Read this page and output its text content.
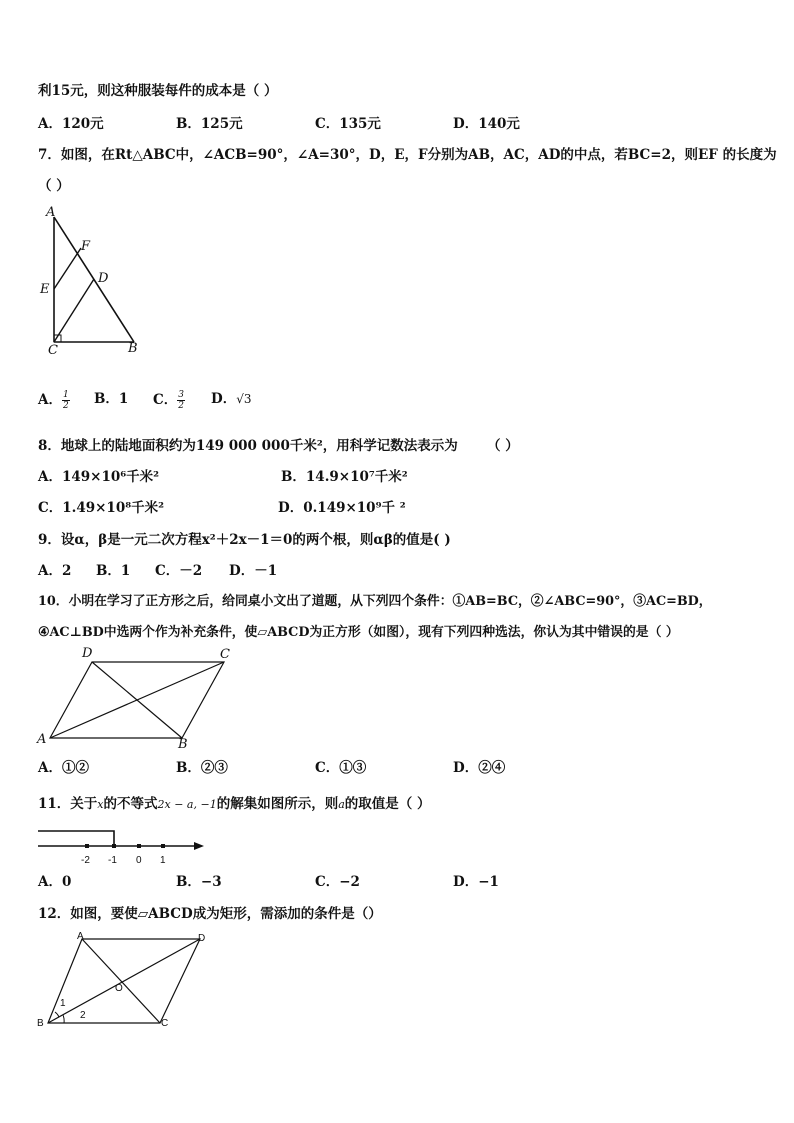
利15元，则这种服装每件的成本是（ ）
A．120元	B．125元	C．135元	D．140元
7．如图，在Rt△ABC中，∠ACB=90°，∠A=30°，D，E，F分别为AB，AC，AD的中点，若BC=2，则EF 的长度为
（ ）
A
F
D
E
C	B
A． $\frac{1}{2}$ B．1 C． $\frac{3}{2}$ D．√3
8．地球上的陆地面积约为149 000 000千米²，用科学记数法表示为 （ ）
A．149×10⁶千米²	B．14.9×10⁷千米²
C．1.49×10⁸千米²	D．0.149×10⁹千 ²
9．设α，β是一元二次方程x²＋2x－1＝0的两个根，则αβ的值是( )
A．2 B．1 C．－2 D．－1
10．小明在学习了正方形之后，给同桌小文出了道题，从下列四个条件：①AB=BC，②∠ABC=90°，③AC=BD，
④AC⊥BD中选两个作为补充条件，使▱ABCD为正方形（如图），现有下列四种选法，你认为其中错误的是（ ）
D	C
A	B
A．①②	B．②③	C．①③	D．②④
11．关于x的不等式2x − a, −1的解集如图所示，则a的取值是（ ）
-2 -1 0 1
A．0	B．−3	C．−2	D．−1
12．如图，要使▱ABCD成为矩形，需添加的条件是（）
A	D
B	C
O
1
2
